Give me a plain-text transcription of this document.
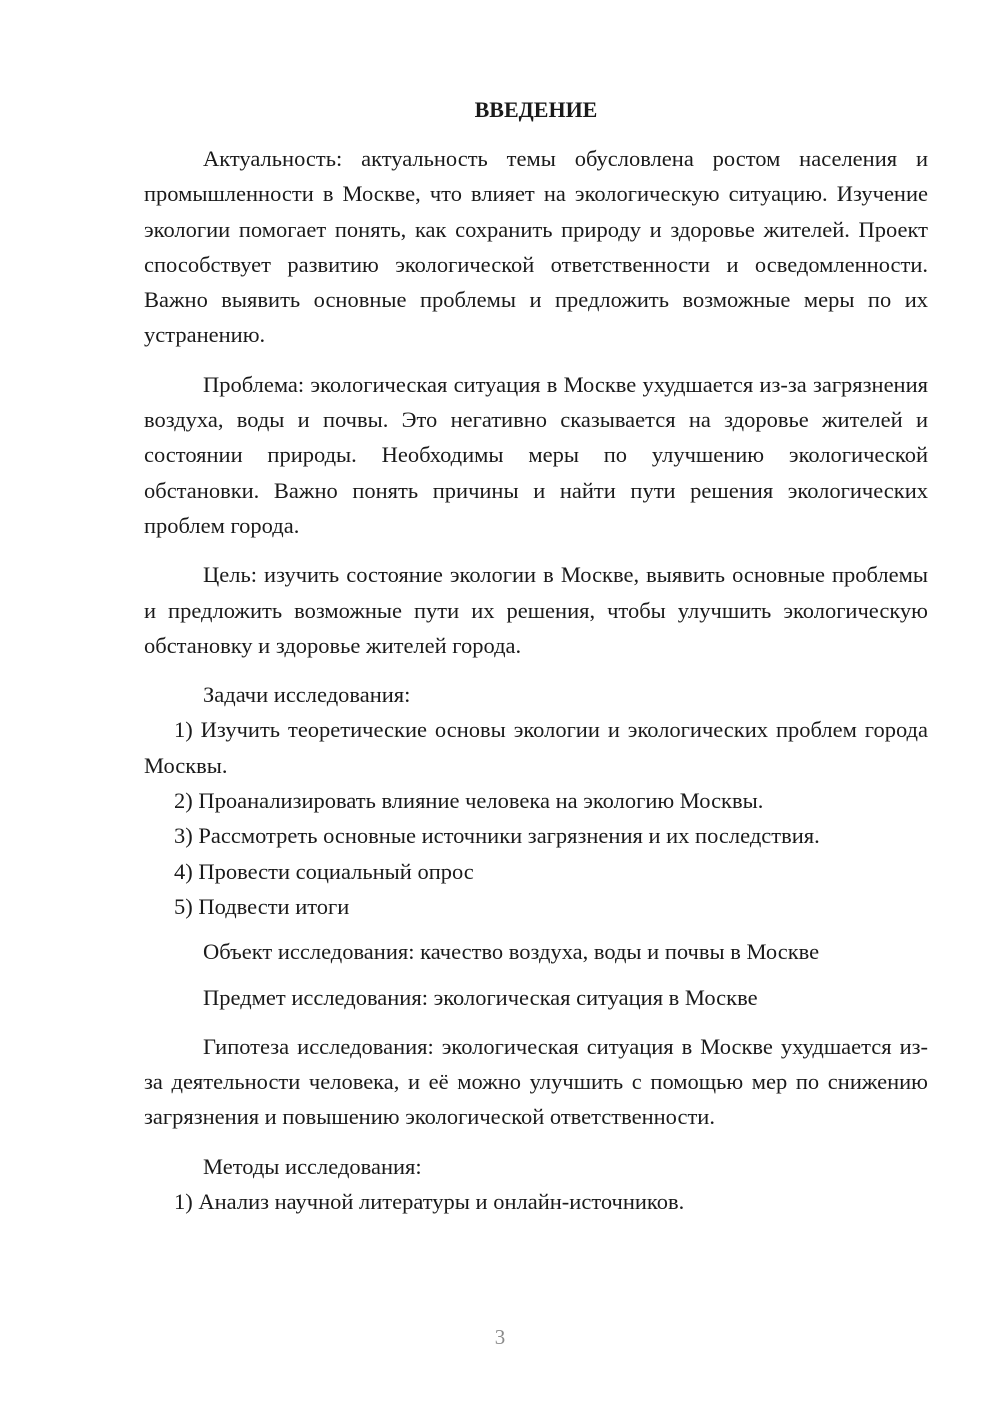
ВВЕДЕНИЕ

Актуальность: актуальность темы обусловлена ростом населения и промышленности в Москве, что влияет на экологическую ситуацию. Изучение экологии помогает понять, как сохранить природу и здоровье жителей. Проект способствует развитию экологической ответственности и осведомленности. Важно выявить основные проблемы и предложить возможные меры по их устранению.

Проблема: экологическая ситуация в Москве ухудшается из-за загрязнения воздуха, воды и почвы. Это негативно сказывается на здоровье жителей и состоянии природы. Необходимы меры по улучшению экологической обстановки. Важно понять причины и найти пути решения экологических проблем города.

Цель: изучить состояние экологии в Москве, выявить основные проблемы и предложить возможные пути их решения, чтобы улучшить экологическую обстановку и здоровье жителей города.

Задачи исследования:

1) Изучить теоретические основы экологии и экологических проблем города Москвы.

2) Проанализировать влияние человека на экологию Москвы.

3) Рассмотреть основные источники загрязнения и их последствия.

4) Провести социальный опрос

5) Подвести итоги

Объект исследования: качество воздуха, воды и почвы в Москве

Предмет исследования: экологическая ситуация в Москве

Гипотеза исследования: экологическая ситуация в Москве ухудшается из-за деятельности человека, и её можно улучшить с помощью мер по снижению загрязнения и повышению экологической ответственности.

Методы исследования:

1) Анализ научной литературы и онлайн-источников.

3
